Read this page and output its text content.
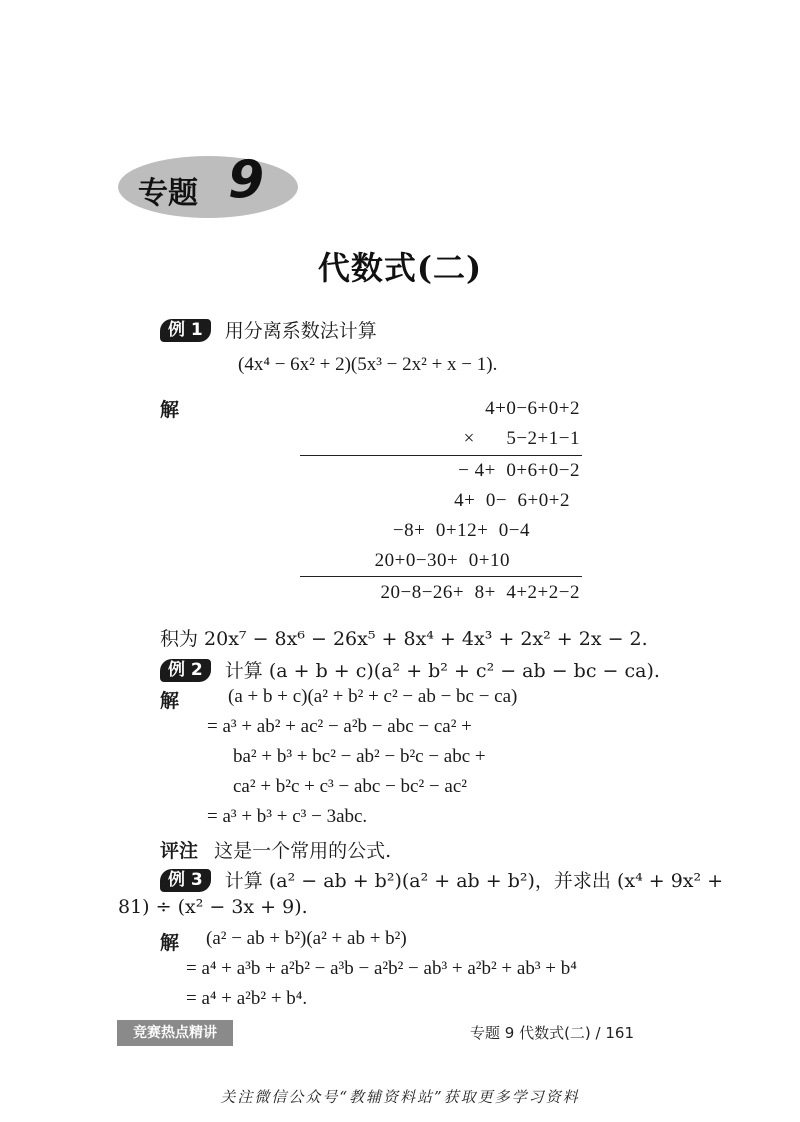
专题 9
代数式(二)
例 1 用分离系数法计算
(4x⁴ − 6x² + 2)(5x³ − 2x² + x − 1).
解	4+0−6+0+2
×      5−2+1−1
− 4+  0+6+0−2
4+  0−  6+0+2
−8+  0+12+  0−4
20+0−30+  0+10
20−8−26+  8+  4+2+2−2
积为 20x⁷ − 8x⁶ − 26x⁵ + 8x⁴ + 4x³ + 2x² + 2x − 2.
例 2 计算 (a + b + c)(a² + b² + c² − ab − bc − ca).
解	(a + b + c)(a² + b² + c² − ab − bc − ca)
= a³ + ab² + ac² − a²b − abc − ca² +
ba² + b³ + bc² − ab² − b²c − abc +
ca² + b²c + c³ − abc − bc² − ac²
= a³ + b³ + c³ − 3abc.
评注 这是一个常用的公式.
例 3 计算 (a² − ab + b²)(a² + ab + b²)，并求出 (x⁴ + 9x² +
81) ÷ (x² − 3x + 9).
解 (a² − ab + b²)(a² + ab + b²)
= a⁴ + a³b + a²b² − a³b − a²b² − ab³ + a²b² + ab³ + b⁴
= a⁴ + a²b² + b⁴.
竞赛热点精讲	专题 9 代数式(二) / 161
关注微信公众号“教辅资料站”获取更多学习资料
